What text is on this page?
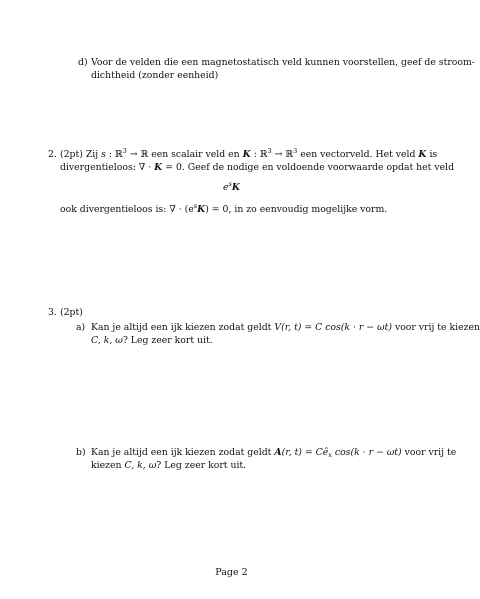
d) Voor de velden die een magnetostatisch veld kunnen voorstellen, geef de stroom-
dichtheid (zonder eenheid)
2. (2pt) Zij s : ℝ$^3$ → ℝ een scalair veld en K : ℝ$^3$ → ℝ$^3$ een vectorveld. Het veld K is
divergentieloos: ∇ · K = 0. Geef de nodige en voldoende voorwaarde opdat het veld
$e^sK$
ook divergentieloos is: ∇ · $(e^sK) = 0$, in zo eenvoudig mogelijke vorm.
3. (2pt)
a) Kan je altijd een ijk kiezen zodat geldt V(r, t) = C cos(k · r − ωt) voor vrij te kiezen
C, k, ω? Leg zeer kort uit.
b) Kan je altijd een ijk kiezen zodat geldt A(r, $t) = Cê_x$ cos(k · r − ωt) voor vrij te
kiezen C, k, ω? Leg zeer kort uit.
Page 2
